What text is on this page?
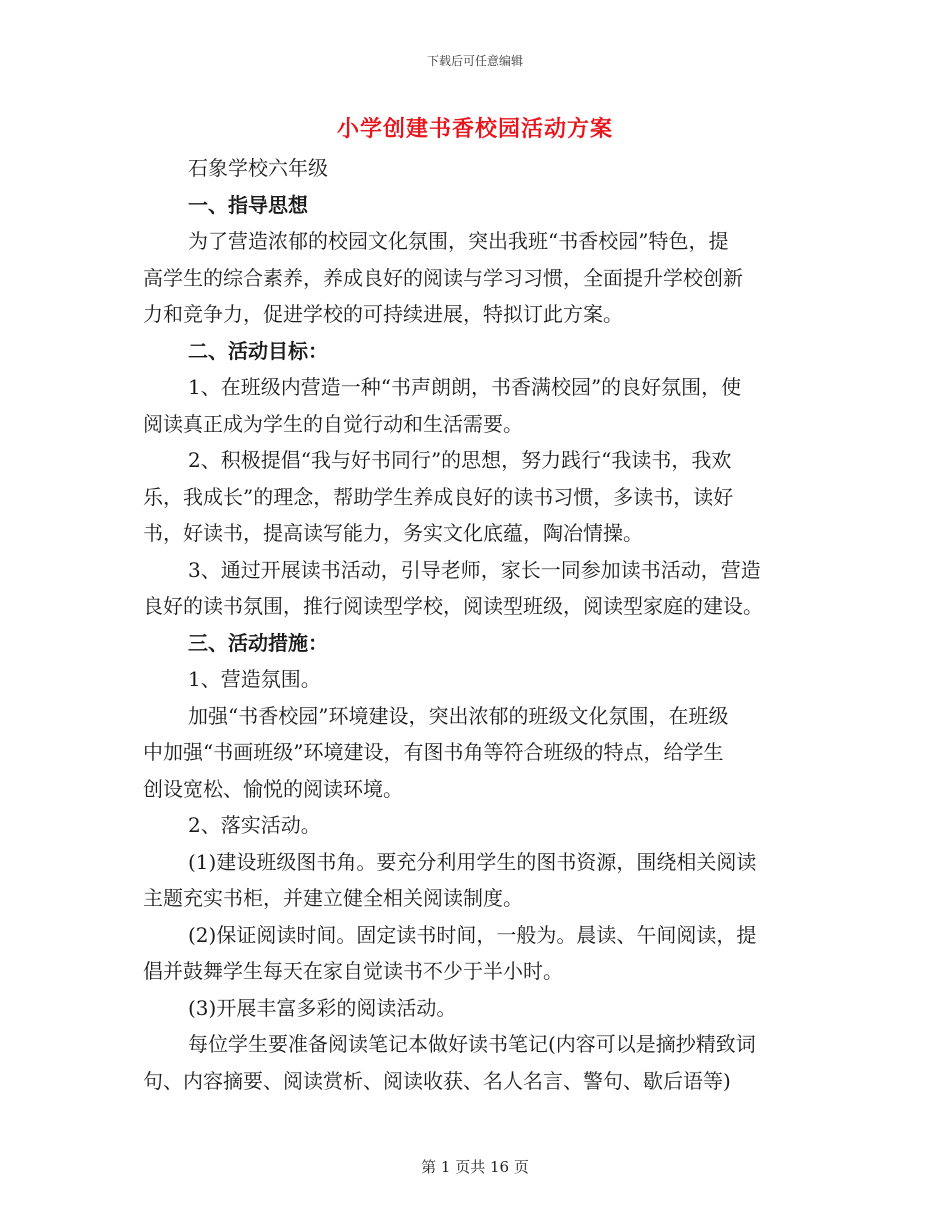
下载后可任意编辑
小学创建书香校园活动方案
石象学校六年级
一、指导思想
为了营造浓郁的校园文化氛围，突出我班“书香校园”特色，提
高学生的综合素养，养成良好的阅读与学习习惯，全面提升学校创新
力和竞争力，促进学校的可持续进展，特拟订此方案。
二、活动目标：
1、在班级内营造一种“书声朗朗，书香满校园”的良好氛围，使
阅读真正成为学生的自觉行动和生活需要。
2、积极提倡“我与好书同行”的思想，努力践行“我读书，我欢
乐，我成长”的理念，帮助学生养成良好的读书习惯，多读书，读好
书，好读书，提高读写能力，务实文化底蕴，陶冶情操。
3、通过开展读书活动，引导老师，家长一同参加读书活动，营造
良好的读书氛围，推行阅读型学校，阅读型班级，阅读型家庭的建设。
三、活动措施：
1、营造氛围。
加强“书香校园”环境建设，突出浓郁的班级文化氛围，在班级
中加强“书画班级”环境建设，有图书角等符合班级的特点，给学生
创设宽松、愉悦的阅读环境。
2、落实活动。
(1)建设班级图书角。要充分利用学生的图书资源，围绕相关阅读
主题充实书柜，并建立健全相关阅读制度。
(2)保证阅读时间。固定读书时间，一般为。晨读、午间阅读，提
倡并鼓舞学生每天在家自觉读书不少于半小时。
(3)开展丰富多彩的阅读活动。
每位学生要准备阅读笔记本做好读书笔记(内容可以是摘抄精致词
句、内容摘要、阅读赏析、阅读收获、名人名言、警句、歇后语等)
第 1 页共 16 页
